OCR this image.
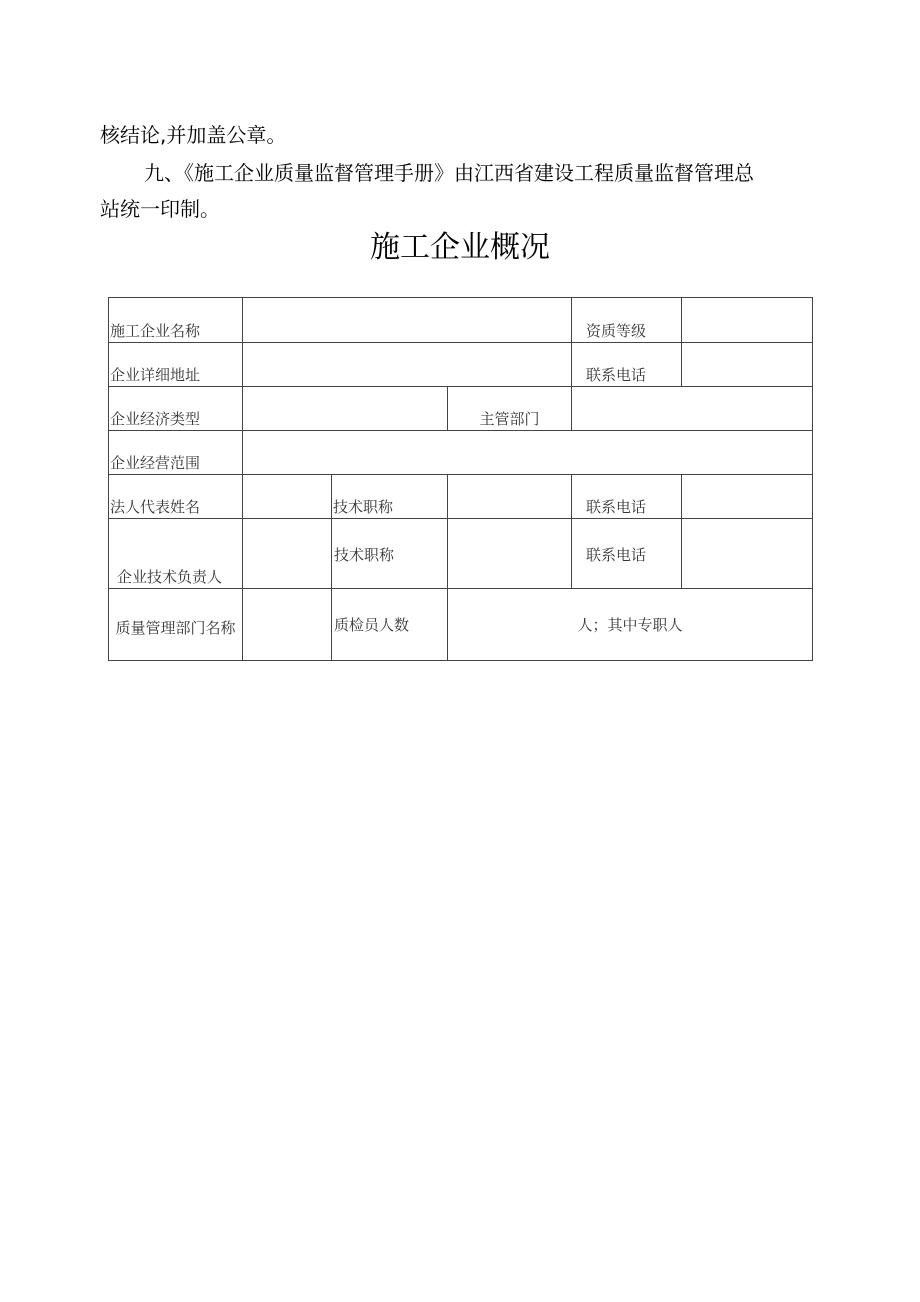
核结论,并加盖公章。
九、《施工企业质量监督管理手册》由江西省建设工程质量监督管理总
站统一印制。
施工企业概况
施工企业名称				资质等级	
企业详细地址				联系电话	
企业经济类型			主管部门		
企业经营范围					
法人代表姓名		技术职称		联系电话	
企业技术负责人		技术职称		联系电话	

质量管理部门名称		质检员人数	人；其中专职人		
